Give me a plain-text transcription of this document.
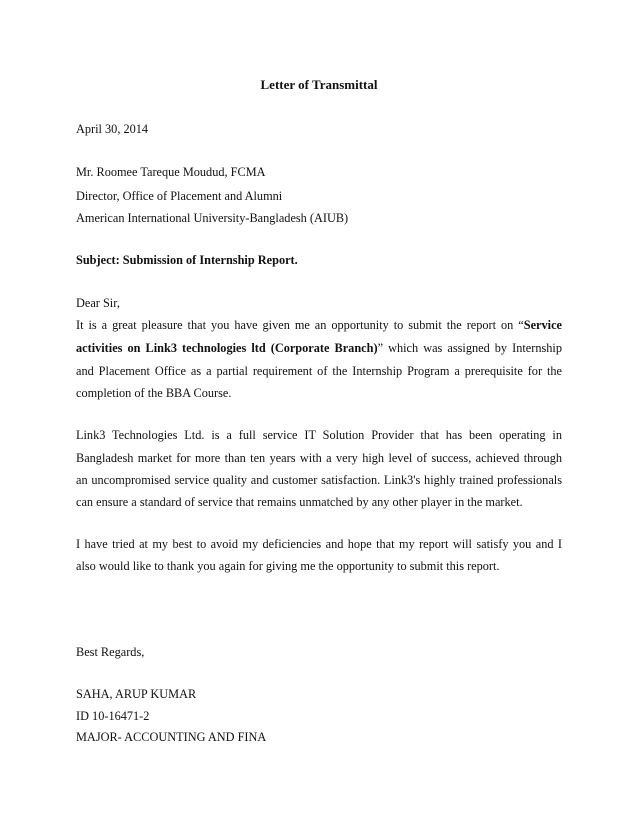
Letter of Transmittal
April 30, 2014
Mr. Roomee Tareque Moudud, FCMA
Director, Office of Placement and Alumni
American International University-Bangladesh (AIUB)
Subject: Submission of Internship Report.
Dear Sir,
It is a great pleasure that you have given me an opportunity to submit the report on “Service
activities on Link3 technologies ltd (Corporate Branch)” which was assigned by Internship
and Placement Office as a partial requirement of the Internship Program a prerequisite for the
completion of the BBA Course.
Link3 Technologies Ltd. is a full service IT Solution Provider that has been operating in
Bangladesh market for more than ten years with a very high level of success, achieved through
an uncompromised service quality and customer satisfaction. Link3's highly trained professionals
can ensure a standard of service that remains unmatched by any other player in the market.
I have tried at my best to avoid my deficiencies and hope that my report will satisfy you and I
also would like to thank you again for giving me the opportunity to submit this report.
Best Regards,
SAHA, ARUP KUMAR
ID 10-16471-2
MAJOR- ACCOUNTING AND FINA
